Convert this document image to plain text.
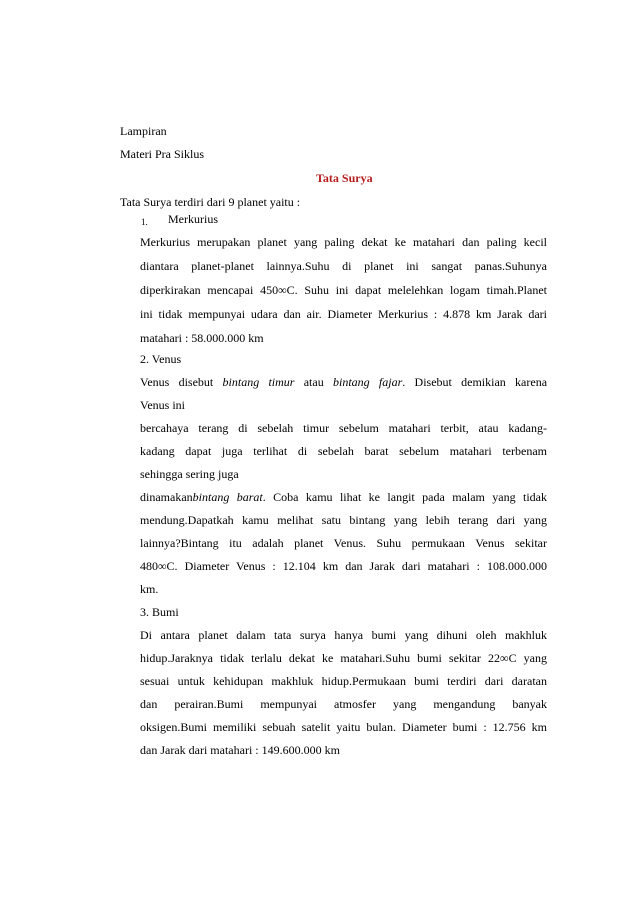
Lampiran
Materi Pra Siklus
Tata Surya
Tata Surya terdiri dari 9 planet yaitu :
1. Merkurius
Merkurius merupakan planet yang paling dekat ke matahari dan paling kecil
diantara planet-planet lainnya.Suhu di planet ini sangat panas.Suhunya
diperkirakan mencapai 450∞C. Suhu ini dapat melelehkan logam timah.Planet
ini tidak mempunyai udara dan air. Diameter Merkurius : 4.878 km Jarak dari
matahari : 58.000.000 km
2. Venus
Venus disebut bintang timur atau bintang fajar. Disebut demikian karena
Venus ini
bercahaya terang di sebelah timur sebelum matahari terbit, atau kadang-
kadang dapat juga terlihat di sebelah barat sebelum matahari terbenam
sehingga sering juga
dinamakanbintang barat. Coba kamu lihat ke langit pada malam yang tidak
mendung.Dapatkah kamu melihat satu bintang yang lebih terang dari yang
lainnya?Bintang itu adalah planet Venus. Suhu permukaan Venus sekitar
480∞C. Diameter Venus : 12.104 km dan Jarak dari matahari : 108.000.000
km.
3. Bumi
Di antara planet dalam tata surya hanya bumi yang dihuni oleh makhluk
hidup.Jaraknya tidak terlalu dekat ke matahari.Suhu bumi sekitar 22∞C yang
sesuai untuk kehidupan makhluk hidup.Permukaan bumi terdiri dari daratan
dan perairan.Bumi mempunyai atmosfer yang mengandung banyak
oksigen.Bumi memiliki sebuah satelit yaitu bulan. Diameter bumi : 12.756 km
dan Jarak dari matahari : 149.600.000 km
